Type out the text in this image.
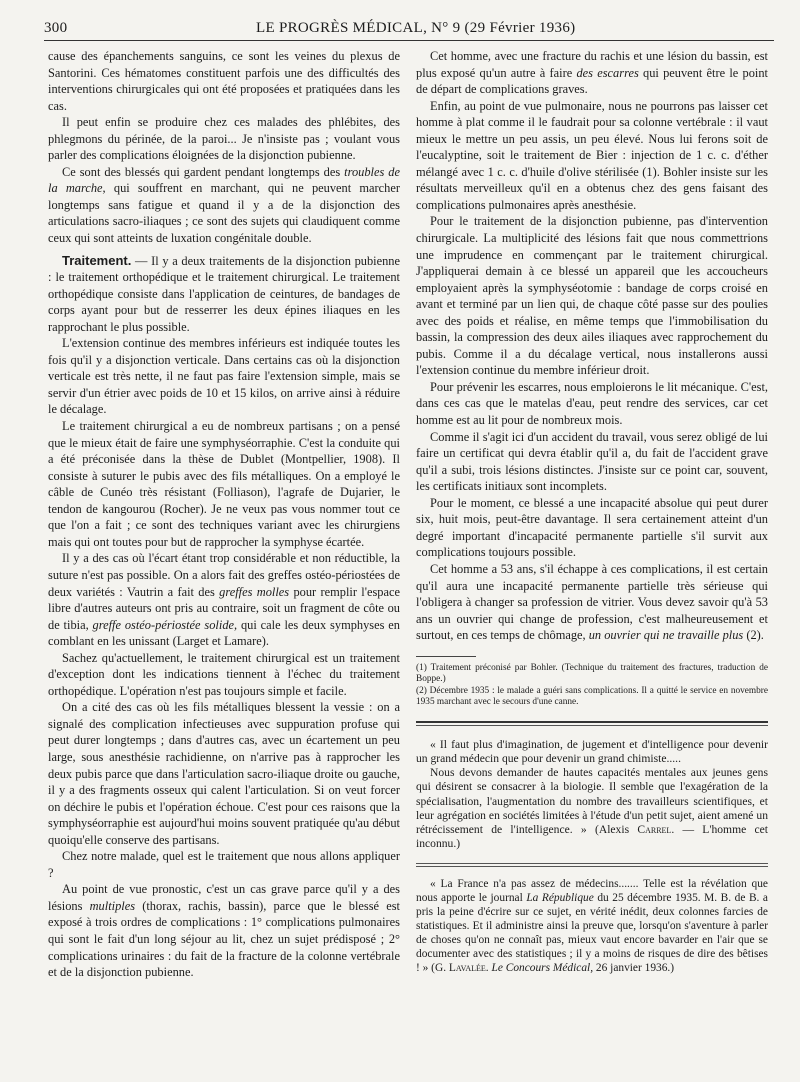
300	LE PROGRÈS MÉDICAL, N° 9 (29 Février 1936)

cause des épanchements sanguins, ce sont les veines du plexus de Santorini. Ces hématomes constituent parfois une des difficultés des interventions chirurgicales qui ont été proposées et pratiquées dans les cas.

Il peut enfin se produire chez ces malades des phlébites, des phlegmons du périnée, de la paroi... Je n'insiste pas ; voulant vous parler des complications éloignées de la disjonction pubienne.

Ce sont des blessés qui gardent pendant longtemps des troubles de la marche, qui souffrent en marchant, qui ne peuvent marcher longtemps sans fatigue et quand il y a de la disjonction des articulations sacro-iliaques ; ce sont des sujets qui claudiquent comme ceux qui sont atteints de luxation congénitale double.

Traitement. — Il y a deux traitements de la disjonction pubienne : le traitement orthopédique et le traitement chirurgical. Le traitement orthopédique consiste dans l'application de ceintures, de bandages de corps ayant pour but de resserrer les deux épines iliaques en les rapprochant le plus possible.

L'extension continue des membres inférieurs est indiquée toutes les fois qu'il y a disjonction verticale. Dans certains cas où la disjonction verticale est très nette, il ne faut pas faire l'extension simple, mais se servir d'un étrier avec poids de 10 et 15 kilos, on arrive ainsi à réduire le décalage.

Le traitement chirurgical a eu de nombreux partisans ; on a pensé que le mieux était de faire une symphyséorraphie. C'est la conduite qui a été préconisée dans la thèse de Dublet (Montpellier, 1908). Il consiste à suturer le pubis avec des fils métalliques. On a employé le câble de Cunéo très résistant (Folliason), l'agrafe de Dujarier, le tendon de kangourou (Rocher). Je ne veux pas vous nommer tout ce que l'on a fait ; ce sont des techniques variant avec les chirurgiens mais qui ont toutes pour but de rapprocher la symphyse écartée.

Il y a des cas où l'écart étant trop considérable et non réductible, la suture n'est pas possible. On a alors fait des greffes ostéo-périostées de deux variétés : Vautrin a fait des greffes molles pour remplir l'espace libre d'autres auteurs ont pris au contraire, soit un fragment de côte ou de tibia, greffe ostéo-périostée solide, qui cale les deux symphyses en comblant en les unissant (Larget et Lamare).

Sachez qu'actuellement, le traitement chirurgical est un traitement d'exception dont les indications tiennent à l'échec du traitement orthopédique. L'opération n'est pas toujours simple et facile.

On a cité des cas où les fils métalliques blessent la vessie : on a signalé des complication infectieuses avec suppuration profuse qui peut durer longtemps ; dans d'autres cas, avec un écartement un peu large, sous anesthésie rachidienne, on n'arrive pas à rapprocher les deux pubis parce que dans l'articulation sacro-iliaque droite ou gauche, il y a des fragments osseux qui calent l'articulation. Si on veut forcer on déchire le pubis et l'opération échoue. C'est pour ces raisons que la symphyséorraphie est aujourd'hui moins souvent pratiquée qu'au début quoiqu'elle conserve des partisans.

Chez notre malade, quel est le traitement que nous allons appliquer ?

Au point de vue pronostic, c'est un cas grave parce qu'il y a des lésions multiples (thorax, rachis, bassin), parce que le blessé est exposé à trois ordres de complications : 1° complications pulmonaires qui sont le fait d'un long séjour au lit, chez un sujet prédisposé ; 2° complications urinaires : du fait de la fracture de la colonne vertébrale et de la disjonction pubienne.

Cet homme, avec une fracture du rachis et une lésion du bassin, est plus exposé qu'un autre à faire des escarres qui peuvent être le point de départ de complications graves.

Enfin, au point de vue pulmonaire, nous ne pourrons pas laisser cet homme à plat comme il le faudrait pour sa colonne vertébrale : il vaut mieux le mettre un peu assis, un peu élevé. Nous lui ferons soit de l'eucalyptine, soit le traitement de Bier : injection de 1 c. c. d'éther mélangé avec 1 c. c. d'huile d'olive stérilisée (1). Bohler insiste sur les résultats merveilleux qu'il en a obtenus chez des gens faisant des complications pulmonaires après anesthésie.

Pour le traitement de la disjonction pubienne, pas d'intervention chirurgicale. La multiplicité des lésions fait que nous commettrions une imprudence en commençant par le traitement chirurgical. J'appliquerai demain à ce blessé un appareil que les accoucheurs employaient après la symphyséotomie : bandage de corps croisé en avant et terminé par un lien qui, de chaque côté passe sur des poulies avec des poids et réalise, en même temps que l'immobilisation du bassin, la compression des deux ailes iliaques avec rapprochement du pubis. Comme il a du décalage vertical, nous installerons aussi l'extension continue du membre inférieur droit.

Pour prévenir les escarres, nous emploierons le lit mécanique. C'est, dans ces cas que le matelas d'eau, peut rendre des services, car cet homme est au lit pour de nombreux mois.

Comme il s'agit ici d'un accident du travail, vous serez obligé de lui faire un certificat qui devra établir qu'il a, du fait de l'accident grave qu'il a subi, trois lésions distinctes. J'insiste sur ce point car, souvent, les certificats initiaux sont incomplets.

Pour le moment, ce blessé a une incapacité absolue qui peut durer six, huit mois, peut-être davantage. Il sera certainement atteint d'un degré important d'incapacité permanente partielle s'il survit aux complications toujours possible.

Cet homme a 53 ans, s'il échappe à ces complications, il est certain qu'il aura une incapacité permanente partielle très sérieuse qui l'obligera à changer sa profession de vitrier. Vous devez savoir qu'à 53 ans un ouvrier qui change de profession, c'est malheureusement et surtout, en ces temps de chômage, un ouvrier qui ne travaille plus (2).

(1) Traitement préconisé par Bohler. (Technique du traitement des fractures, traduction de Boppe.)

(2) Décembre 1935 : le malade a guéri sans complications. Il a quitté le service en novembre 1935 marchant avec le secours d'une canne.

« Il faut plus d'imagination, de jugement et d'intelligence pour devenir un grand médecin que pour devenir un grand chimiste.....

Nous devons demander de hautes capacités mentales aux jeunes gens qui désirent se consacrer à la biologie. Il semble que l'exagération de la spécialisation, l'augmentation du nombre des travailleurs scientifiques, et leur agrégation en sociétés limitées à l'étude d'un petit sujet, aient amené un rétrécissement de l'intelligence. » (Alexis Carrel. — L'homme cet inconnu.)

« La France n'a pas assez de médecins....... Telle est la révélation que nous apporte le journal La République du 25 décembre 1935. M. B. de B. a pris la peine d'écrire sur ce sujet, en vérité inédit, deux colonnes farcies de statistiques. Et il administre ainsi la preuve que, lorsqu'on s'aventure à parler de choses qu'on ne connaît pas, mieux vaut encore bavarder en l'air que se documenter avec des statistiques ; il y a moins de risques de dire des bêtises ! » (G. Lavalée. Le Concours Médical, 26 janvier 1936.)
